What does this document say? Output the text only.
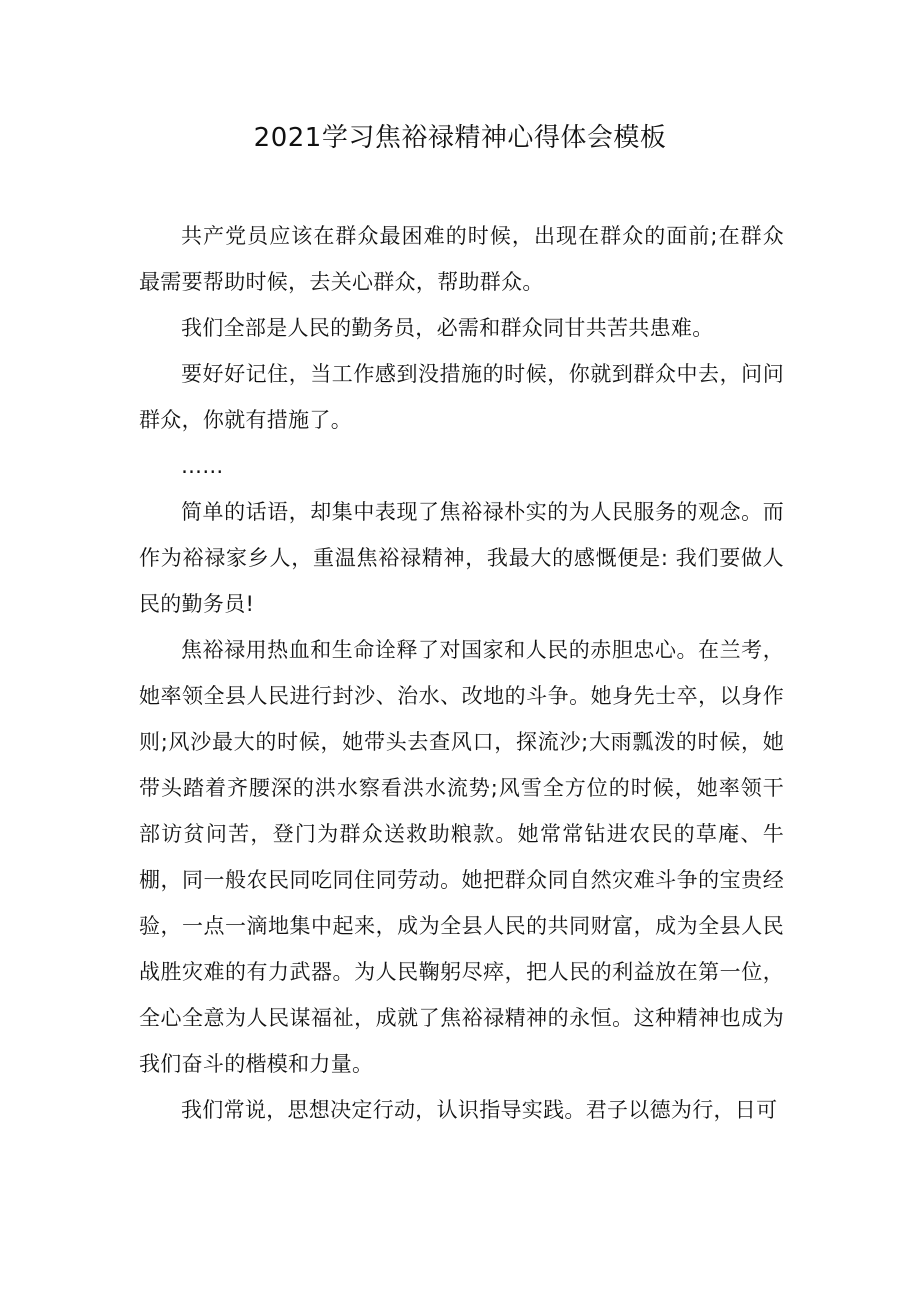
2021学习焦裕禄精神心得体会模板

共产党员应该在群众最困难的时候，出现在群众的面前;在群众最需要帮助时候，去关心群众，帮助群众。

我们全部是人民的勤务员，必需和群众同甘共苦共患难。

要好好记住，当工作感到没措施的时候，你就到群众中去，问问群众，你就有措施了。

……

简单的话语，却集中表现了焦裕禄朴实的为人民服务的观念。而作为裕禄家乡人，重温焦裕禄精神，我最大的感慨便是: 我们要做人民的勤务员!

焦裕禄用热血和生命诠释了对国家和人民的赤胆忠心。在兰考，她率领全县人民进行封沙、治水、改地的斗争。她身先士卒，以身作则;风沙最大的时候，她带头去查风口，探流沙;大雨瓢泼的时候，她带头踏着齐腰深的洪水察看洪水流势;风雪全方位的时候，她率领干部访贫问苦，登门为群众送救助粮款。她常常钻进农民的草庵、牛棚，同一般农民同吃同住同劳动。她把群众同自然灾难斗争的宝贵经验，一点一滴地集中起来，成为全县人民的共同财富，成为全县人民战胜灾难的有力武器。为人民鞠躬尽瘁，把人民的利益放在第一位，全心全意为人民谋福祉，成就了焦裕禄精神的永恒。这种精神也成为我们奋斗的楷模和力量。

我们常说，思想决定行动，认识指导实践。君子以德为行，日可
